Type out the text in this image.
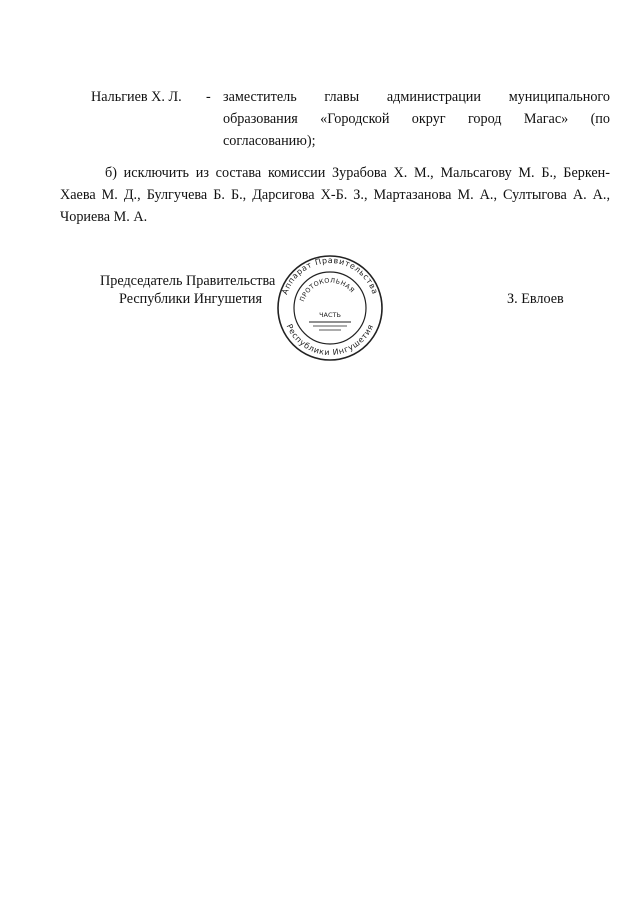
Нальгиев Х. Л. - заместитель главы администрации муниципального образования «Городской округ город Магас» (по согласованию);

б) исключить из состава комиссии Зурабова Х. М., Мальсагову М. Б., Беркен-Хаева М. Д., Булгучева Б. Б., Дарсигова Х-Б. З., Мартазанова М. А., Султыгова А. А., Чориева М. А.

Председатель Правительства
Республики Ингушетия Аппарат Правительства
Республики Ингушетия
ПРОТОКОЛЬНАЯ
ЧАСТЬ
З. Евлоев
